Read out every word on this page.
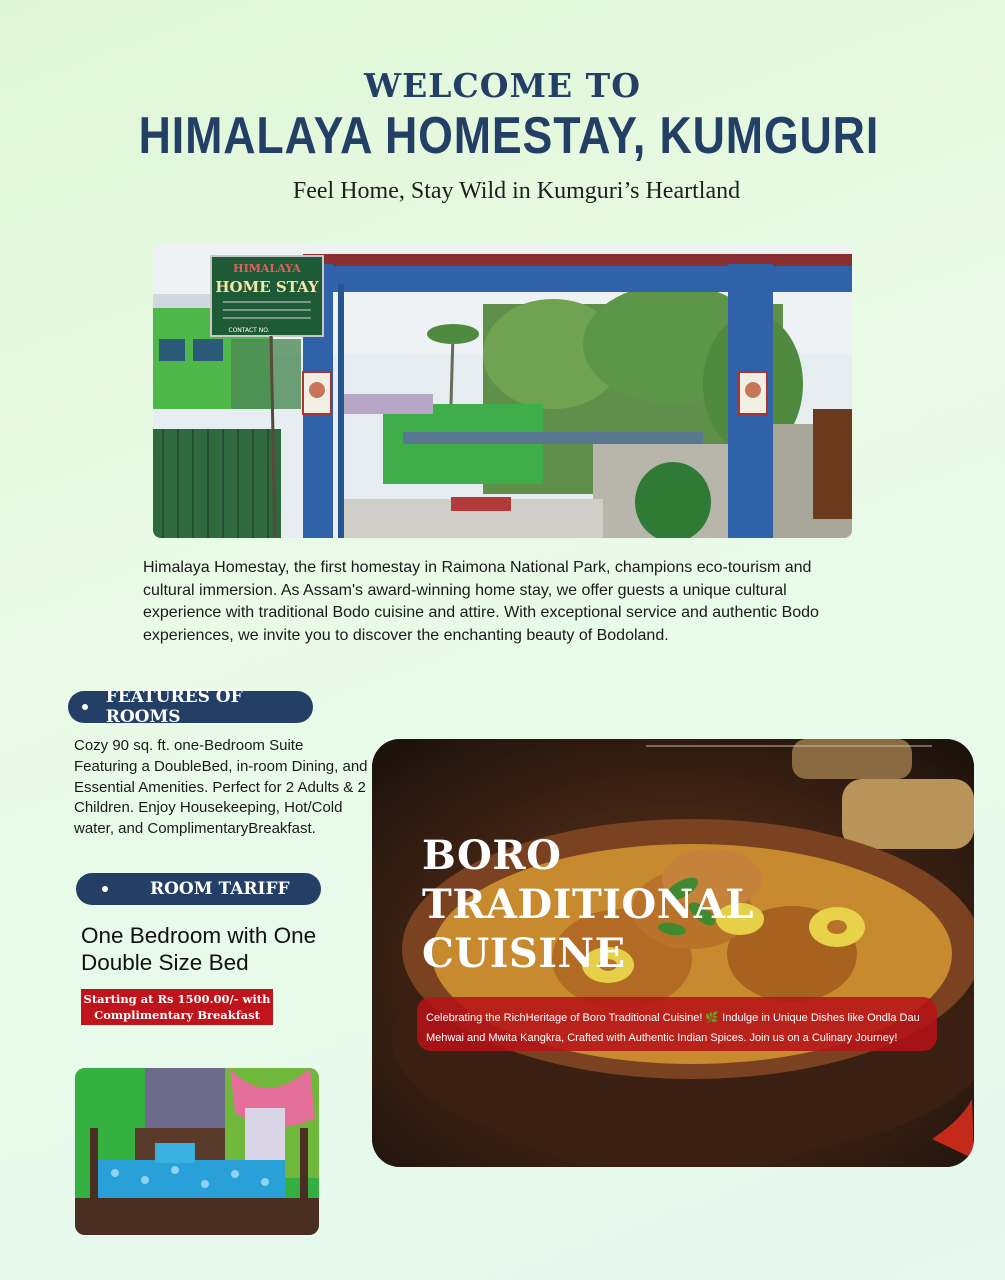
WELCOME TO
HIMALAYA HOMESTAY, KUMGURI
Feel Home, Stay Wild in Kumguri’s Heartland
HIMALAYA
HOME STAY
CONTACT NO.
Himalaya Homestay, the first homestay in Raimona National Park, champions eco-tourism and cultural immersion. As Assam's award-winning home stay, we offer guests a unique cultural experience with traditional Bodo cuisine and attire. With exceptional service and authentic Bodo experiences, we invite you to discover the enchanting beauty of Bodoland.
FEATURES OF ROOMS
Cozy 90 sq. ft. one-Bedroom Suite Featuring a DoubleBed, in-room Dining, and Essential Amenities. Perfect for 2 Adults & 2 Children. Enjoy Housekeeping, Hot/Cold water, and ComplimentaryBreakfast.
ROOM TARIFF
One Bedroom with One Double Size Bed
Starting at Rs 1500.00/- with
Complimentary Breakfast
BORO
TRADITIONAL
CUISINE
Celebrating the RichHeritage of Boro Traditional Cuisine! 🌿 Indulge in Unique Dishes like Ondla Dau Mehwai and Mwita Kangkra, Crafted with Authentic Indian Spices. Join us on a Culinary Journey!
